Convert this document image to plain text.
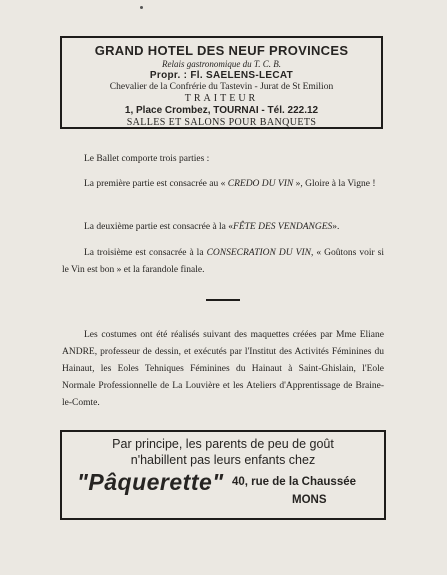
GRAND HOTEL DES NEUF PROVINCES
Relais gastronomique du T. C. B.
Propr. : Fl. SAELENS-LECAT
Chevalier de la Confrérie du Tastevin - Jurat de St Emilion
TRAITEUR
1, Place Crombez, TOURNAI - Tél. 222.12
SALLES ET SALONS POUR BANQUETS
Le Ballet comporte trois parties :
La première partie est consacrée au « CREDO DU VIN », Gloire à la Vigne !
La deuxième partie est consacrée à la «FÊTE DES VENDANGES».
La troisième est consacrée à la CONSECRATION DU VIN, « Goûtons voir si le Vin est bon » et la farandole finale.
Les costumes ont été réalisés suivant des maquettes créées par Mme Eliane ANDRE, professeur de dessin, et exécutés par l'Institut des Activités Féminines du Hainaut, les Eoles Tehniques Féminines du Hainaut à Saint-Ghislain, l'Eole Normale Professionnelle de La Louvière et les Ateliers d'Apprentissage de Braine-le-Comte.
Par principe, les parents de peu de goût
n'habillent pas leurs enfants chez
"Pâquerette" 40, rue de la Chaussée
MONS
